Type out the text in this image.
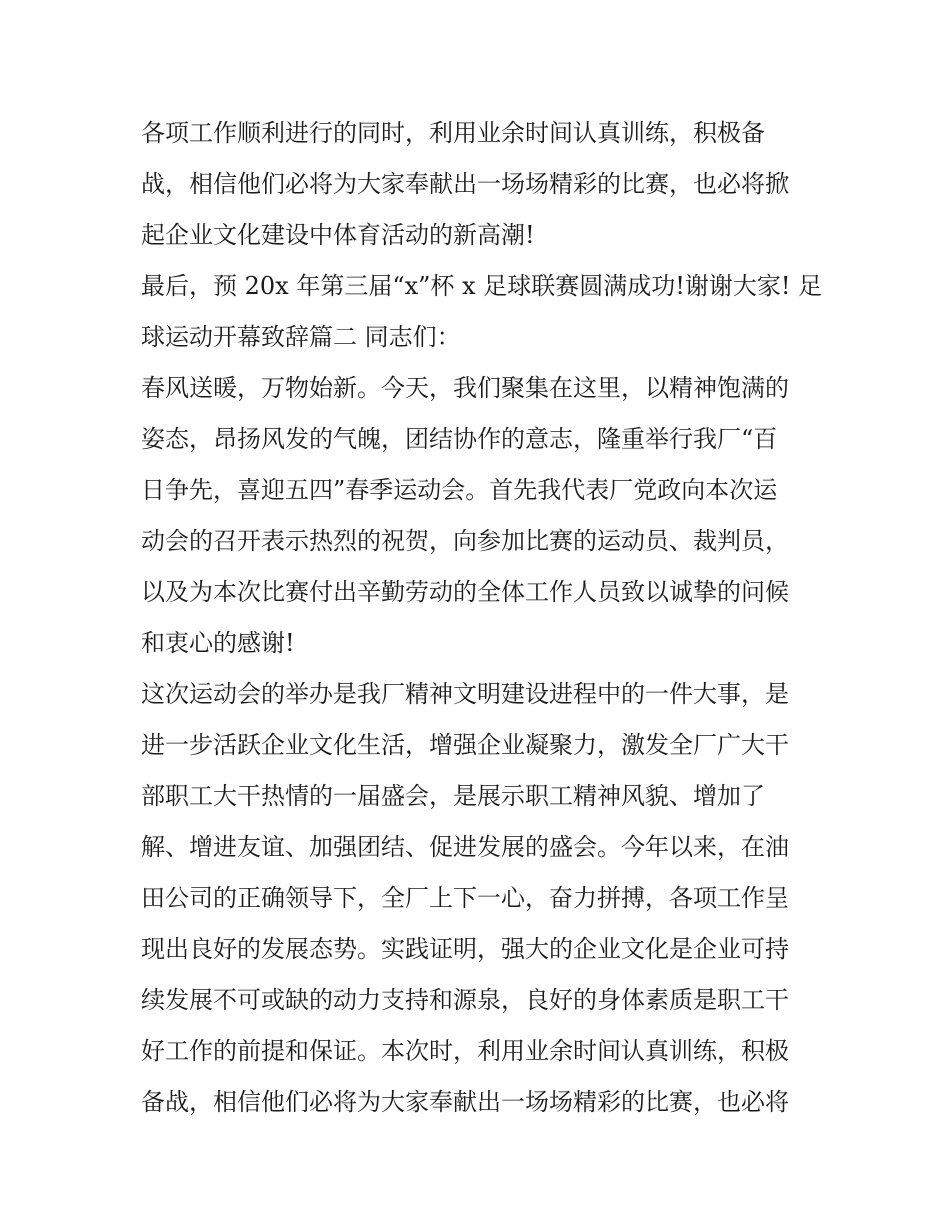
各项工作顺利进行的同时，利用业余时间认真训练，积极备
战，相信他们必将为大家奉献出一场场精彩的比赛，也必将掀
起企业文化建设中体育活动的新高潮!
最后，预 20x 年第三届“x”杯 x 足球联赛圆满成功!谢谢大家! 足
球运动开幕致辞篇二 同志们：
春风送暖，万物始新。今天，我们聚集在这里，以精神饱满的
姿态，昂扬风发的气魄，团结协作的意志，隆重举行我厂“百
日争先，喜迎五四”春季运动会。首先我代表厂党政向本次运
动会的召开表示热烈的祝贺，向参加比赛的运动员、裁判员，
以及为本次比赛付出辛勤劳动的全体工作人员致以诚挚的问候
和衷心的感谢!
这次运动会的举办是我厂精神文明建设进程中的一件大事，是
进一步活跃企业文化生活，增强企业凝聚力，激发全厂广大干
部职工大干热情的一届盛会，是展示职工精神风貌、增加了
解、增进友谊、加强团结、促进发展的盛会。今年以来，在油
田公司的正确领导下，全厂上下一心，奋力拼搏，各项工作呈
现出良好的发展态势。实践证明，强大的企业文化是企业可持
续发展不可或缺的动力支持和源泉，良好的身体素质是职工干
好工作的前提和保证。本次时，利用业余时间认真训练，积极
备战，相信他们必将为大家奉献出一场场精彩的比赛，也必将
